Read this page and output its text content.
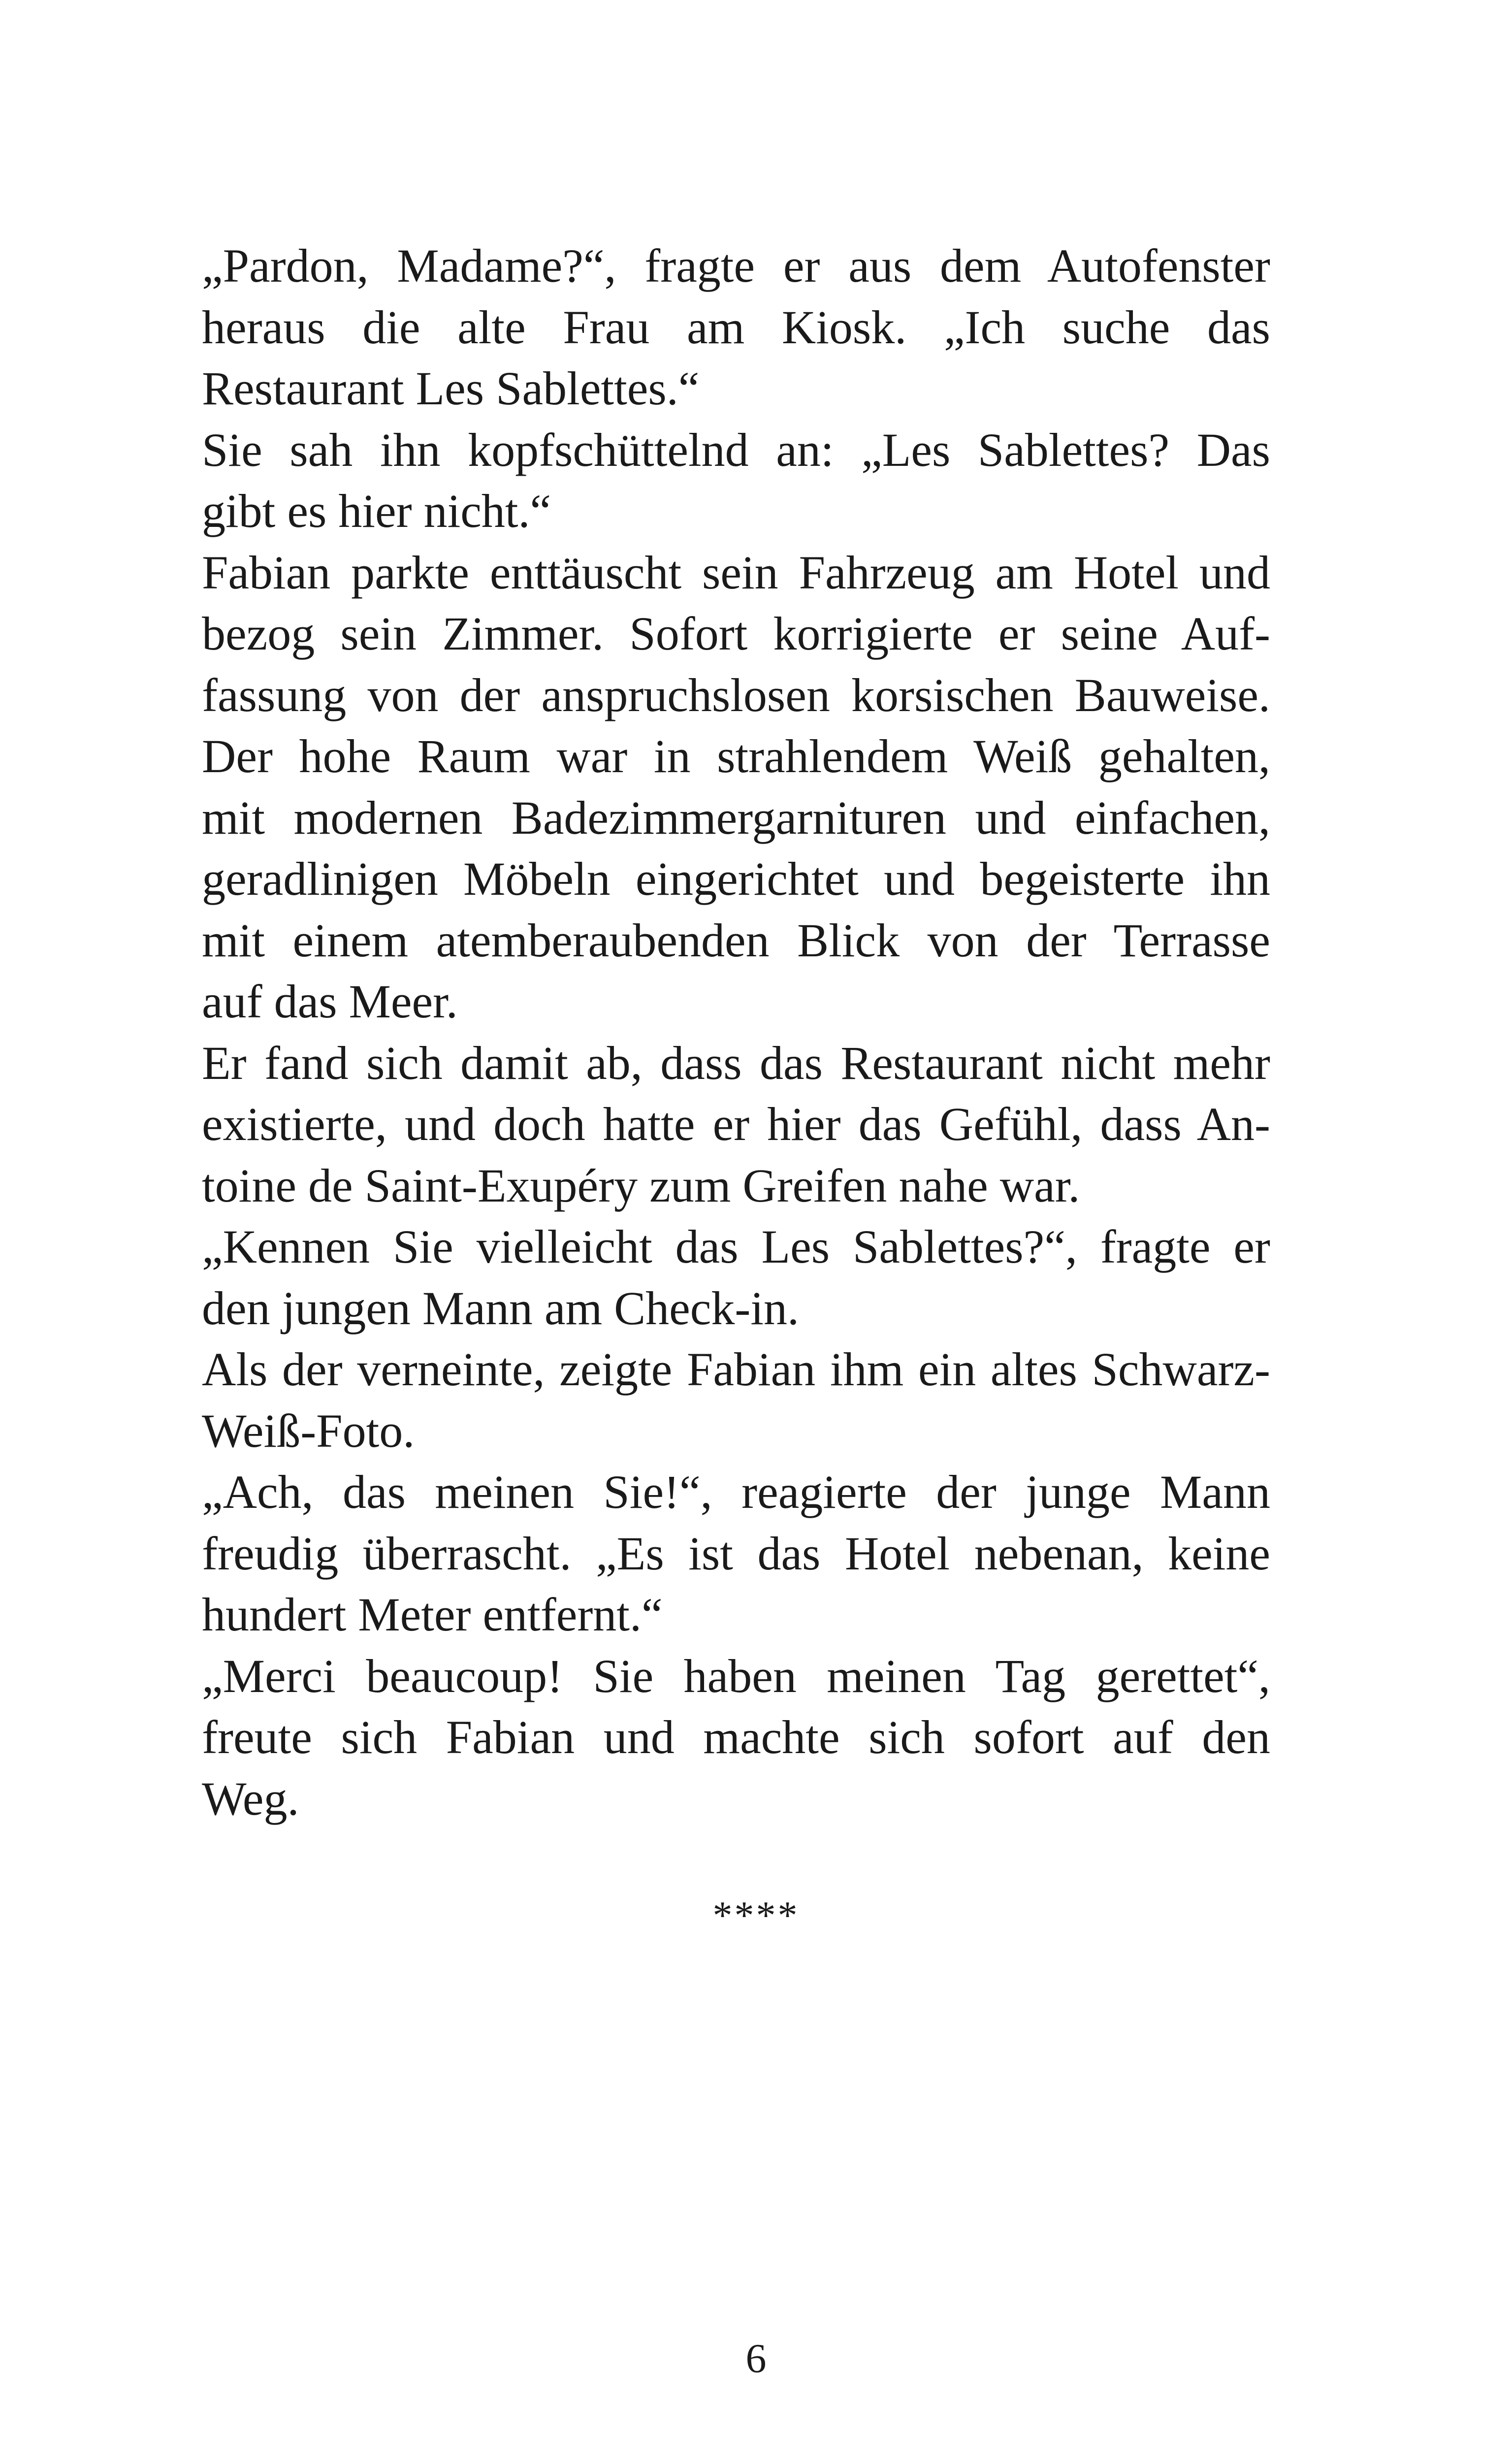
„Pardon, Madame?“, fragte er aus dem Autofenster
heraus die alte Frau am Kiosk. „Ich suche das
Restaurant Les Sablettes.“
Sie sah ihn kopfschüttelnd an: „Les Sablettes? Das
gibt es hier nicht.“
Fabian parkte enttäuscht sein Fahrzeug am Hotel und
bezog sein Zimmer. Sofort korrigierte er seine Auf-
fassung von der anspruchslosen korsischen Bauweise.
Der hohe Raum war in strahlendem Weiß gehalten,
mit modernen Badezimmergarnituren und einfachen,
geradlinigen Möbeln eingerichtet und begeisterte ihn
mit einem atemberaubenden Blick von der Terrasse
auf das Meer.
Er fand sich damit ab, dass das Restaurant nicht mehr
existierte, und doch hatte er hier das Gefühl, dass An-
toine de Saint-Exupéry zum Greifen nahe war.
„Kennen Sie vielleicht das Les Sablettes?“, fragte er
den jungen Mann am Check-in.
Als der verneinte, zeigte Fabian ihm ein altes Schwarz-
Weiß-Foto.
„Ach, das meinen Sie!“, reagierte der junge Mann
freudig überrascht. „Es ist das Hotel nebenan, keine
hundert Meter entfernt.“
„Merci beaucoup! Sie haben meinen Tag gerettet“,
freute sich Fabian und machte sich sofort auf den
Weg.
****
6
